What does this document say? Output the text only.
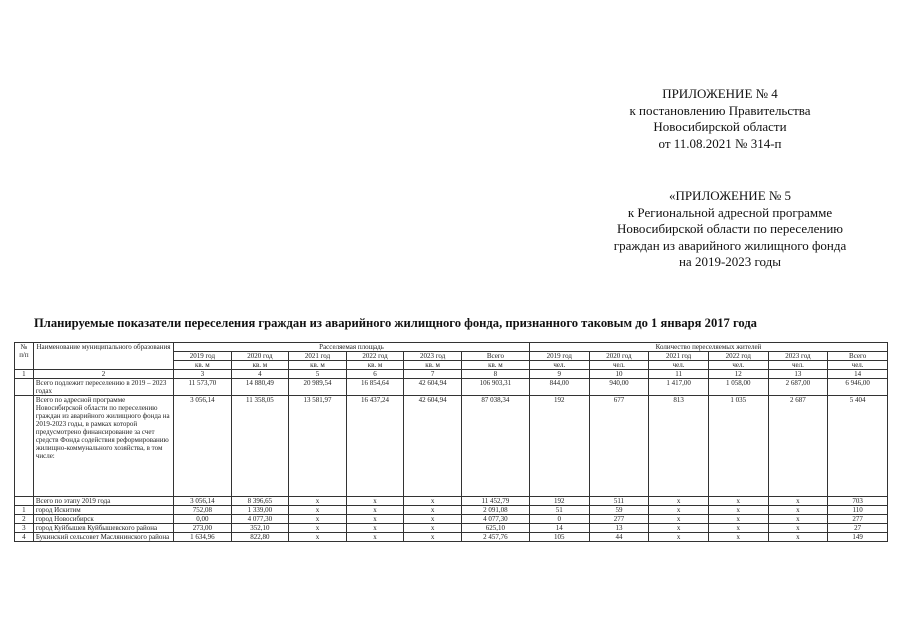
ПРИЛОЖЕНИЕ № 4
к постановлению Правительства
Новосибирской области
от 11.08.2021 № 314-п
«ПРИЛОЖЕНИЕ № 5
к Региональной адресной программе
Новосибирской области по переселению
граждан из аварийного жилищного фонда
на 2019-2023 годы
Планируемые показатели переселения граждан из аварийного жилищного фонда, признанного таковым до 1 января 2017 года
№ п/п	Наименование муниципального образования	Расселяемая площадь						Количество переселяемых жителей					
		2019 год	2020 год	2021 год	2022 год	2023 год	Всего	2019 год	2020 год	2021 год	2022 год	2023 год	Всего
		кв. м	кв. м	кв. м	кв. м	кв. м	кв. м	чел.	чел.	чел.	чел.	чел.	чел.
1	2	3	4	5	6	7	8	9	10	11	12	13	14
	Всего подлежит переселению в 2019 – 2023 годах	11 573,70	14 880,49	20 989,54	16 854,64	42 604,94	106 903,31	844,00	940,00	1 417,00	1 058,00	2 687,00	6 946,00
	Всего по адресной программе Новосибирской области по переселению граждан из аварийного жилищного фонда на 2019-2023 годы, в рамках которой предусмотрено финансирование за счет средств Фонда содействия реформированию жилищно-коммунального хозяйства, в том числе:	3 056,14	11 358,05	13 581,97	16 437,24	42 604,94	87 038,34	192	677	813	1 035	2 687	5 404
	Всего по этапу 2019 года	3 056,14	8 396,65	x	x	x	11 452,79	192	511	x	x	x	703
1	город Искитим	752,08	1 339,00	x	x	x	2 091,08	51	59	x	x	x	110
2	город Новосибирск	0,00	4 077,30	x	x	x	4 077,30	0	277	x	x	x	277
3	город Куйбышев Куйбышевского района	273,00	352,10	x	x	x	625,10	14	13	x	x	x	27
4	Букинский сельсовет Маслянинского района	1 634,96	822,80	x	x	x	2 457,76	105	44	x	x	x	149
